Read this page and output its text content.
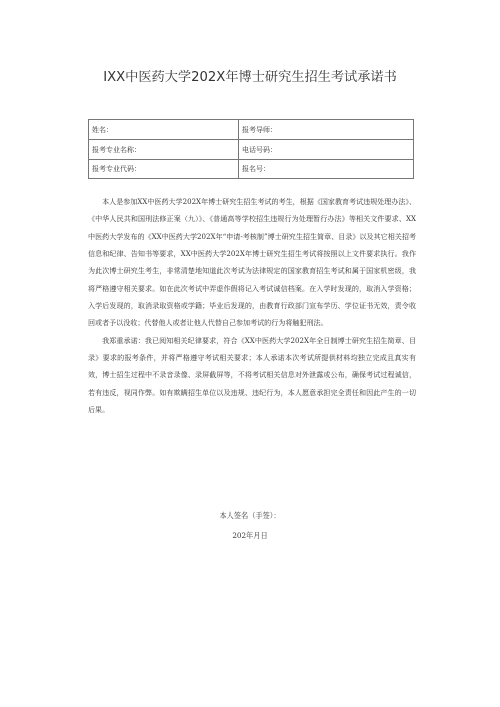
IXX中医药大学202X年博士研究生招生考试承诺书
姓名：	报考导师：
报考专业名称：	电话号码：
报考专业代码：	报名号：

本人是参加XX中医药大学202X年博士研究生招生考试的考生，根据《国家教育考试违规处理办法》、《中华人民共和国刑法修正案（九）》、《普通高等学校招生违规行为处理暂行办法》等相关文件要求、XX中医药大学发布的《XX中医药大学202X年“申请-考核制”博士研究生招生简章、目录》以及其它相关招考信息和纪律、告知书等要求，XX中医药大学202X年博士研究生招生考试将按照以上文件要求执行。我作为此次博士研究生考生，非常清楚地知道此次考试为法律规定的国家教育招生考试和属于国家机密级，我将严格遵守相关要求。如在此次考试中弄虚作假将记入考试诚信档案。在入学时发现的，取消入学资格；入学后发现的，取消录取资格或学籍；毕业后发现的，由教育行政部门宣布学历、学位证书无效，责令收回或者予以没收；代替他人或者让他人代替自己参加考试的行为将触犯刑法。

我郑重承诺：我已阅知相关纪律要求，符合《XX中医药大学202X年全日制博士研究生招生简章、目录》要求的报考条件，并将严格遵守考试相关要求；本人承诺本次考试所提供材料均独立完成且真实有效，博士招生过程中不录音录像、录屏截屏等，不将考试相关信息对外泄露或公布，确保考试过程诚信，若有违反，视同作弊。如有欺瞒招生单位以及违规、违纪行为，本人愿意承担完全责任和因此产生的一切后果。

本人签名（手签）：
202年月日
